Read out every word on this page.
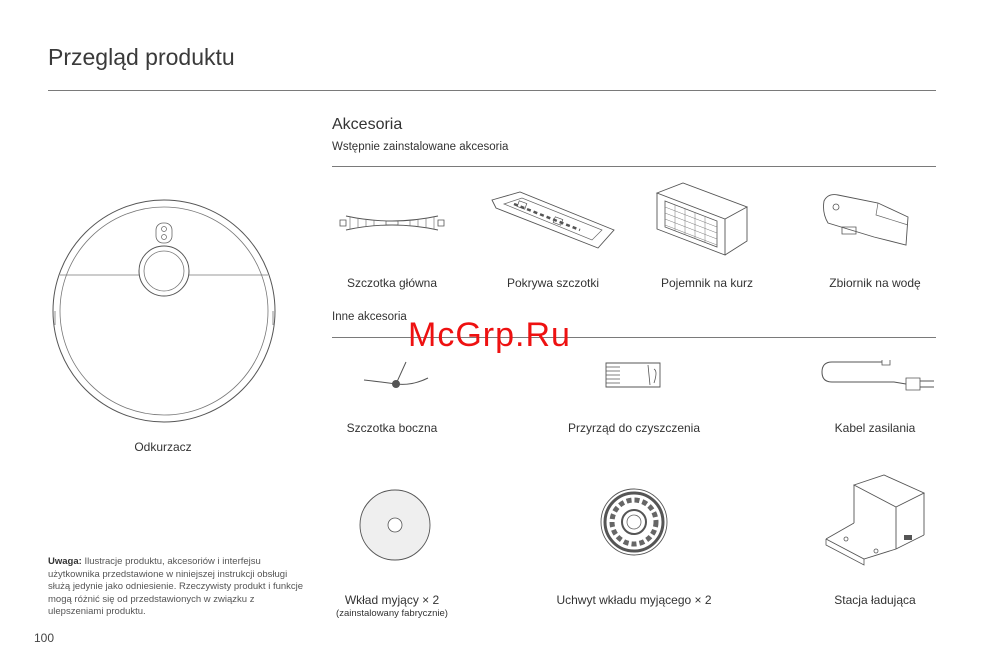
Przegląd produktu
Odkurzacz
Uwaga: Ilustracje produktu, akcesoriów i interfejsu użytkownika przedstawione w niniejszej instrukcji obsługi służą jedynie jako odniesienie. Rzeczywisty produkt i funkcje mogą różnić się od przedstawionych w związku z ulepszeniami produktu.
Akcesoria
Wstępnie zainstalowane akcesoria
Szczotka główna	Pokrywa szczotki	Pojemnik na kurz	Zbiornik na wodę
Inne akcesoria McGrp.Ru
Szczotka boczna	Przyrząd do czyszczenia	Kabel zasilania
Wkład myjący × 2
(zainstalowany fabrycznie)
Uchwyt wkładu myjącego × 2	Stacja ładująca
100
